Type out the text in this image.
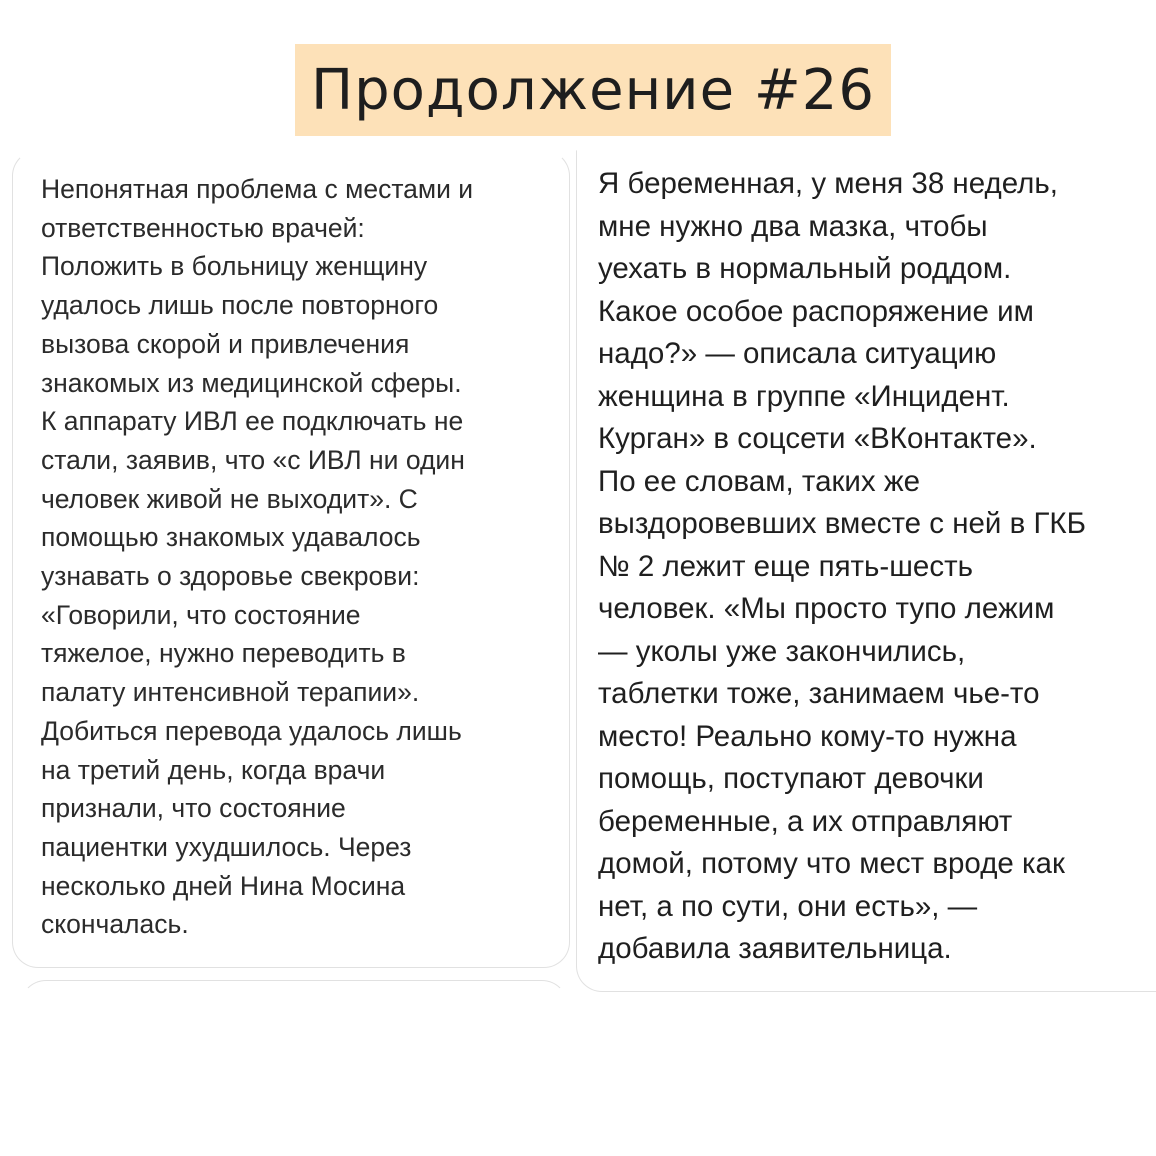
Продолжение #26
Непонятная проблема с местами и
ответственностью врачей:
Положить в больницу женщину
удалось лишь после повторного
вызова скорой и привлечения
знакомых из медицинской сферы.
К аппарату ИВЛ ее подключать не
стали, заявив, что «с ИВЛ ни один
человек живой не выходит». С
помощью знакомых удавалось
узнавать о здоровье свекрови:
«Говорили, что состояние
тяжелое, нужно переводить в
палату интенсивной терапии».
Добиться перевода удалось лишь
на третий день, когда врачи
признали, что состояние
пациентки ухудшилось. Через
несколько дней Нина Мосина
скончалась.
Я беременная, у меня 38 недель,
мне нужно два мазка, чтобы
уехать в нормальный роддом.
Какое особое распоряжение им
надо?» — описала ситуацию
женщина в группе «Инцидент.
Курган» в соцсети «ВКонтакте».
По ее словам, таких же
выздоровевших вместе с ней в ГКБ
№ 2 лежит еще пять-шесть
человек. «Мы просто тупо лежим
— уколы уже закончились,
таблетки тоже, занимаем чье-то
место! Реально кому-то нужна
помощь, поступают девочки
беременные, а их отправляют
домой, потому что мест вроде как
нет, а по сути, они есть», —
добавила заявительница.
